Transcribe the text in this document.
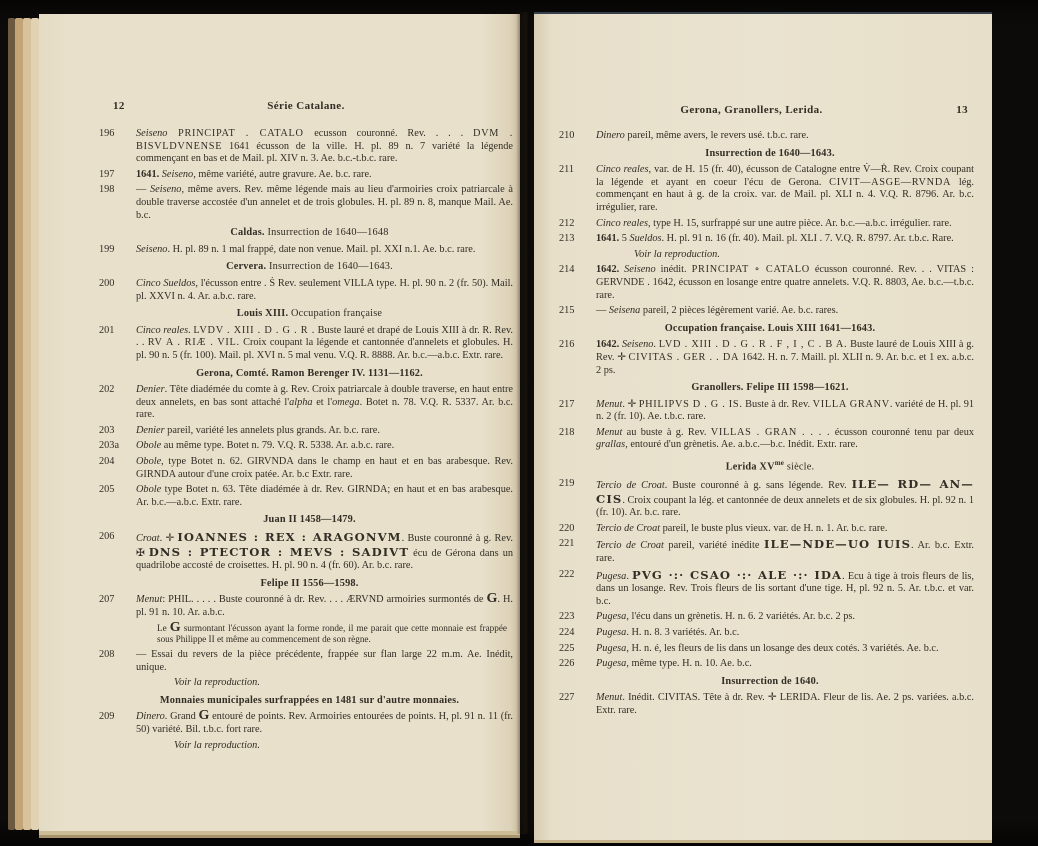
12	Série Catalane.
196	Seiseno PRINCIPAT . CATALO ecusson couronné. Rev. . . . DVM . BISVLDVNENSE 1641 écusson de la ville. H. pl. 89 n. 7 variété la légende commençant en bas et de Mail. pl. XIV n. 3. Ae. b.c.-t.b.c. rare.
197	1641. Seiseno, même variété, autre gravure. Ae. b.c. rare.
198	— Seiseno, même avers. Rev. même légende mais au lieu d'armoiries croix patriarcale à double traverse accostée d'un annelet et de trois globules. H. pl. 89 n. 8, manque Mail. Ae. b.c.
Caldas. Insurrection de 1640—1648
199	Seiseno. H. pl. 89 n. 1 mal frappé, date non venue. Mail. pl. XXI n.1. Ae. b.c. rare.
Cervera. Insurrection de 1640—1643.
200	Cinco Sueldos, l'écusson entre . Ṡ Rev. seulement VILLA type. H. pl. 90 n. 2 (fr. 50). Mail. pl. XXVI n. 4. Ar. a.b.c. rare.
Louis XIII. Occupation française
201	Cinco reales. LVDV . XIII . D . G . R . Buste lauré et drapé de Louis XIII à dr. R. Rev. . . RV A . RIÆ . VIL. Croix coupant la légende et cantonnée d'annelets et globules. H. pl. 90 n. 5 (fr. 100). Mail. pl. XVI n. 5 mal venu. V.Q. R. 8888. Ar. b.c.—a.b.c. Extr. rare.
Gerona, Comté. Ramon Berenger IV. 1131—1162.
202	Denier. Tête diadémée du comte à g. Rev. Croix patriarcale à double traverse, en haut entre deux annelets, en bas sont attaché l'alpha et l'omega. Botet n. 78. V.Q. R. 5337. Ar. b.c. rare.
203	Denier pareil, variété les annelets plus grands. Ar. b.c. rare.
203a	Obole au même type. Botet n. 79. V.Q. R. 5338. Ar. a.b.c. rare.
204	Obole, type Botet n. 62. GIRVNDA dans le champ en haut et en bas arabesque. Rev. GIRNDA autour d'une croix patée. Ar. b.c Extr. rare.
205	Obole type Botet n. 63. Tête diadémée à dr. Rev. GIRNDA; en haut et en bas arabesque. Ar. b.c.—a.b.c. Extr. rare.
Juan II 1458—1479.
206	Croat. ✛ IOANNES : REX : ARAGONVM. Buste couronné à g. Rev. ✠ DNS : PTECTOR : MEVS : SADIVT écu de Gérona dans un quadrilobe accosté de croisettes. H. pl. 90 n. 4 (fr. 60). Ar. b.c. rare.
Felipe II 1556—1598.
207	Menut: PHIL. . . . . Buste couronné à dr. Rev. . . . ÆRVND armoiries surmontés de G. H. pl. 91 n. 10. Ar. a.b.c.
Le G surmontant l'écusson ayant la forme ronde, il me parait que cette monnaie est frappée sous Philippe II et même au commencement de son règne.
208	— Essai du revers de la pièce précédente, frappée sur flan large 22 m.m. Ae. Inédit, unique.
Voir la reproduction.
Monnaies municipales surfrappées en 1481 sur d'autre monnaies.
209	Dinero. Grand G entouré de points. Rev. Armoiries entourées de points. H, pl. 91 n. 11 (fr. 50) variété. Bil. t.b.c. fort rare.
Voir la reproduction.
Gerona, Granollers, Lerida.	13
210	Dinero pareil, même avers, le revers usé. t.b.c. rare.
Insurrection de 1640—1643.
211	Cinco reales, var. de H. 15 (fr. 40), écusson de Catalogne entre V̇—Ṙ. Rev. Croix coupant la légende et ayant en coeur l'écu de Gerona. CIVIT—ASGE—RVNDA lég. commençant en haut à g. de la croix. var. de Mail. pl. XLI n. 4. V.Q. R. 8796. Ar. b.c. irrégulier, rare.
212	Cinco reales, type H. 15, surfrappé sur une autre pièce. Ar. b.c.—a.b.c. irrégulier. rare.
213	1641. 5 Sueldos. H. pl. 91 n. 16 (fr. 40). Mail. pl. XLI . 7. V.Q. R. 8797. Ar. t.b.c. Rare.
Voir la reproduction.
214	1642. Seiseno inédit. PRINCIPAT ∘ CATALO écusson couronné. Rev. . . VITAS : GERVNDE . 1642, écusson en losange entre quatre annelets. V.Q. R. 8803, Ae. b.c.—t.b.c. rare.
215	— Seisena pareil, 2 pièces légèrement varié. Ae. b.c. rares.
Occupation française. Louis XIII 1641—1643.
216	1642. Seiseno. LVD . XIII . D . G . R . F , I , C . B A. Buste lauré de Louis XIII à g. Rev. ✛ CIVITAS . GER . . DA 1642. H. n. 7. Maill. pl. XLII n. 9. Ar. b.c. et 1 ex. a.b.c. 2 ps.
Granollers. Felipe III 1598—1621.
217	Menut. ✛ PHILIPVS D . G . IS. Buste à dr. Rev. VILLA GRANV. variété de H. pl. 91 n. 2 (fr. 10). Ae. t.b.c. rare.
218	Menut au buste à g. Rev. VILLAS . GRAN . . . . écusson couronné tenu par deux grallas, entouré d'un grènetis. Ae. a.b.c.—b.c. Inédit. Extr. rare.
Lerida $XV^{me}$ siècle.
219	Tercio de Croat. Buste couronné à g. sans légende. Rev. ILE— RD— AN—CIS. Croix coupant la lég. et cantonnée de deux annelets et de six globules. H. pl. 92 n. 1 (fr. 10). Ar. b.c. rare.
220	Tercio de Croat pareil, le buste plus vieux. var. de H. n. 1. Ar. b.c. rare.
221	Tercio de Croat pareil, variété inédite ILE—NDE—UO IUIS. Ar. b.c. Extr. rare.
222	Pugesa. PVG ·:· CSAO ·:· ALE ·:· IDA. Ecu à tige à trois fleurs de lis, dans un losange. Rev. Trois fleurs de lis sortant d'une tige. H, pl. 92 n. 5. Ar. t.b.c. et var. b.c.
223	Pugesa, l'écu dans un grènetis. H. n. 6. 2 variétés. Ar. b.c. 2 ps.
224	Pugesa. H. n. 8. 3 variétés. Ar. b.c.
225	Pugesa, H. n. é, les fleurs de lis dans un losange des deux cotés. 3 variétés. Ae. b.c.
226	Pugesa, même type. H. n. 10. Ae. b.c.
Insurrection de 1640.
227	Menut. Inédit. CIVITAS. Tête à dr. Rev. ✛ LERIDA. Fleur de lis. Ae. 2 ps. variées. a.b.c. Extr. rare.
